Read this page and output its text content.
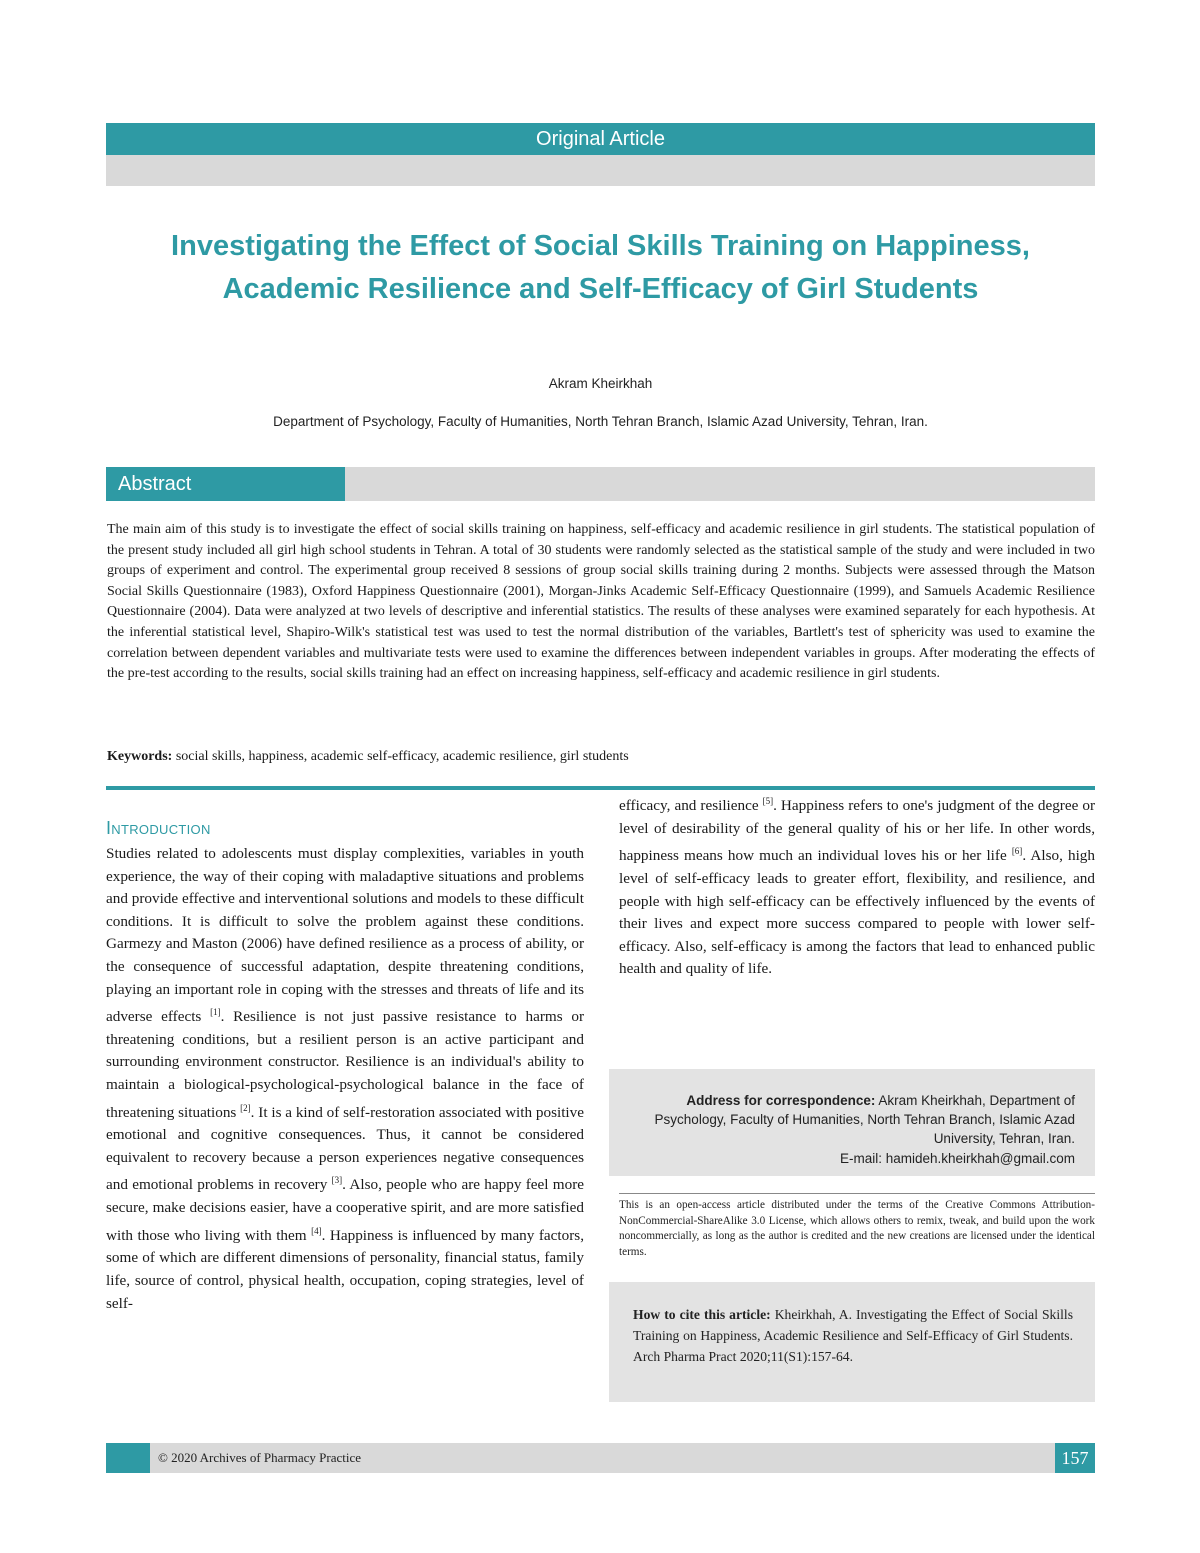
Original Article
Investigating the Effect of Social Skills Training on Happiness, Academic Resilience and Self-Efficacy of Girl Students
Akram Kheirkhah
Department of Psychology, Faculty of Humanities, North Tehran Branch, Islamic Azad University, Tehran, Iran.
Abstract
The main aim of this study is to investigate the effect of social skills training on happiness, self-efficacy and academic resilience in girl students. The statistical population of the present study included all girl high school students in Tehran. A total of 30 students were randomly selected as the statistical sample of the study and were included in two groups of experiment and control. The experimental group received 8 sessions of group social skills training during 2 months. Subjects were assessed through the Matson Social Skills Questionnaire (1983), Oxford Happiness Questionnaire (2001), Morgan-Jinks Academic Self-Efficacy Questionnaire (1999), and Samuels Academic Resilience Questionnaire (2004). Data were analyzed at two levels of descriptive and inferential statistics. The results of these analyses were examined separately for each hypothesis. At the inferential statistical level, Shapiro-Wilk's statistical test was used to test the normal distribution of the variables, Bartlett's test of sphericity was used to examine the correlation between dependent variables and multivariate tests were used to examine the differences between independent variables in groups. After moderating the effects of the pre-test according to the results, social skills training had an effect on increasing happiness, self-efficacy and academic resilience in girl students.
Keywords: social skills, happiness, academic self-efficacy, academic resilience, girl students
Introduction
Studies related to adolescents must display complexities, variables in youth experience, the way of their coping with maladaptive situations and problems and provide effective and interventional solutions and models to these difficult conditions. It is difficult to solve the problem against these conditions. Garmezy and Maston (2006) have defined resilience as a process of ability, or the consequence of successful adaptation, despite threatening conditions, playing an important role in coping with the stresses and threats of life and its adverse effects [1]. Resilience is not just passive resistance to harms or threatening conditions, but a resilient person is an active participant and surrounding environment constructor. Resilience is an individual's ability to maintain a biological-psychological-psychological balance in the face of threatening situations [2]. It is a kind of self-restoration associated with positive emotional and cognitive consequences. Thus, it cannot be considered equivalent to recovery because a person experiences negative consequences and emotional problems in recovery [3]. Also, people who are happy feel more secure, make decisions easier, have a cooperative spirit, and are more satisfied with those who living with them [4]. Happiness is influenced by many factors, some of which are different dimensions of personality, financial status, family life, source of control, physical health, occupation, coping strategies, level of self-
efficacy, and resilience [5]. Happiness refers to one's judgment of the degree or level of desirability of the general quality of his or her life. In other words, happiness means how much an individual loves his or her life [6]. Also, high level of self-efficacy leads to greater effort, flexibility, and resilience, and people with high self-efficacy can be effectively influenced by the events of their lives and expect more success compared to people with lower self-efficacy. Also, self-efficacy is among the factors that lead to enhanced public health and quality of life.
Address for correspondence: Akram Kheirkhah, Department of Psychology, Faculty of Humanities, North Tehran Branch, Islamic Azad University, Tehran, Iran.
E-mail: hamideh.kheirkhah@gmail.com
This is an open-access article distributed under the terms of the Creative Commons Attribution-NonCommercial-ShareAlike 3.0 License, which allows others to remix, tweak, and build upon the work noncommercially, as long as the author is credited and the new creations are licensed under the identical terms.
How to cite this article: Kheirkhah, A. Investigating the Effect of Social Skills Training on Happiness, Academic Resilience and Self-Efficacy of Girl Students. Arch Pharma Pract 2020;11(S1):157-64.
© 2020 Archives of Pharmacy Practice	157
